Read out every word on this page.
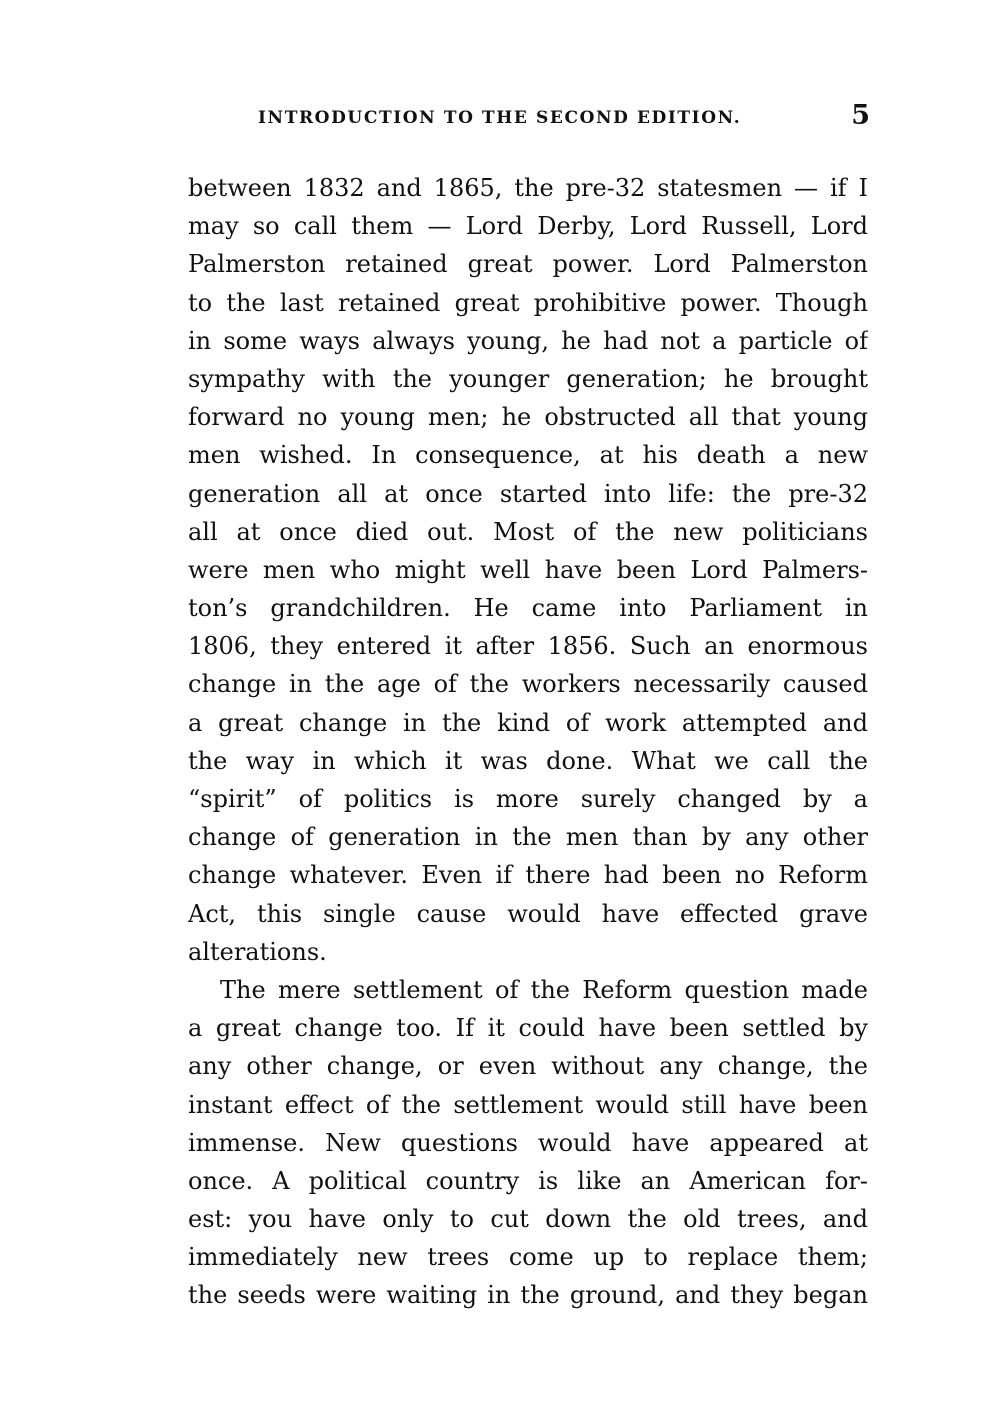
INTRODUCTION TO THE SECOND EDITION.	5
between 1832 and 1865, the pre-32 statesmen — if I
may so call them — Lord Derby, Lord Russell, Lord
Palmerston retained great power. Lord Palmerston
to the last retained great prohibitive power. Though
in some ways always young, he had not a particle of
sympathy with the younger generation; he brought
forward no young men; he obstructed all that young
men wished. In consequence, at his death a new
generation all at once started into life: the pre-32
all at once died out. Most of the new politicians
were men who might well have been Lord Palmers-
ton’s grandchildren. He came into Parliament in
1806, they entered it after 1856. Such an enormous
change in the age of the workers necessarily caused
a great change in the kind of work attempted and
the way in which it was done. What we call the
“spirit” of politics is more surely changed by a
change of generation in the men than by any other
change whatever. Even if there had been no Reform
Act, this single cause would have effected grave
alterations.
The mere settlement of the Reform question made
a great change too. If it could have been settled by
any other change, or even without any change, the
instant effect of the settlement would still have been
immense. New questions would have appeared at
once. A political country is like an American for-
est: you have only to cut down the old trees, and
immediately new trees come up to replace them;
the seeds were waiting in the ground, and they began
